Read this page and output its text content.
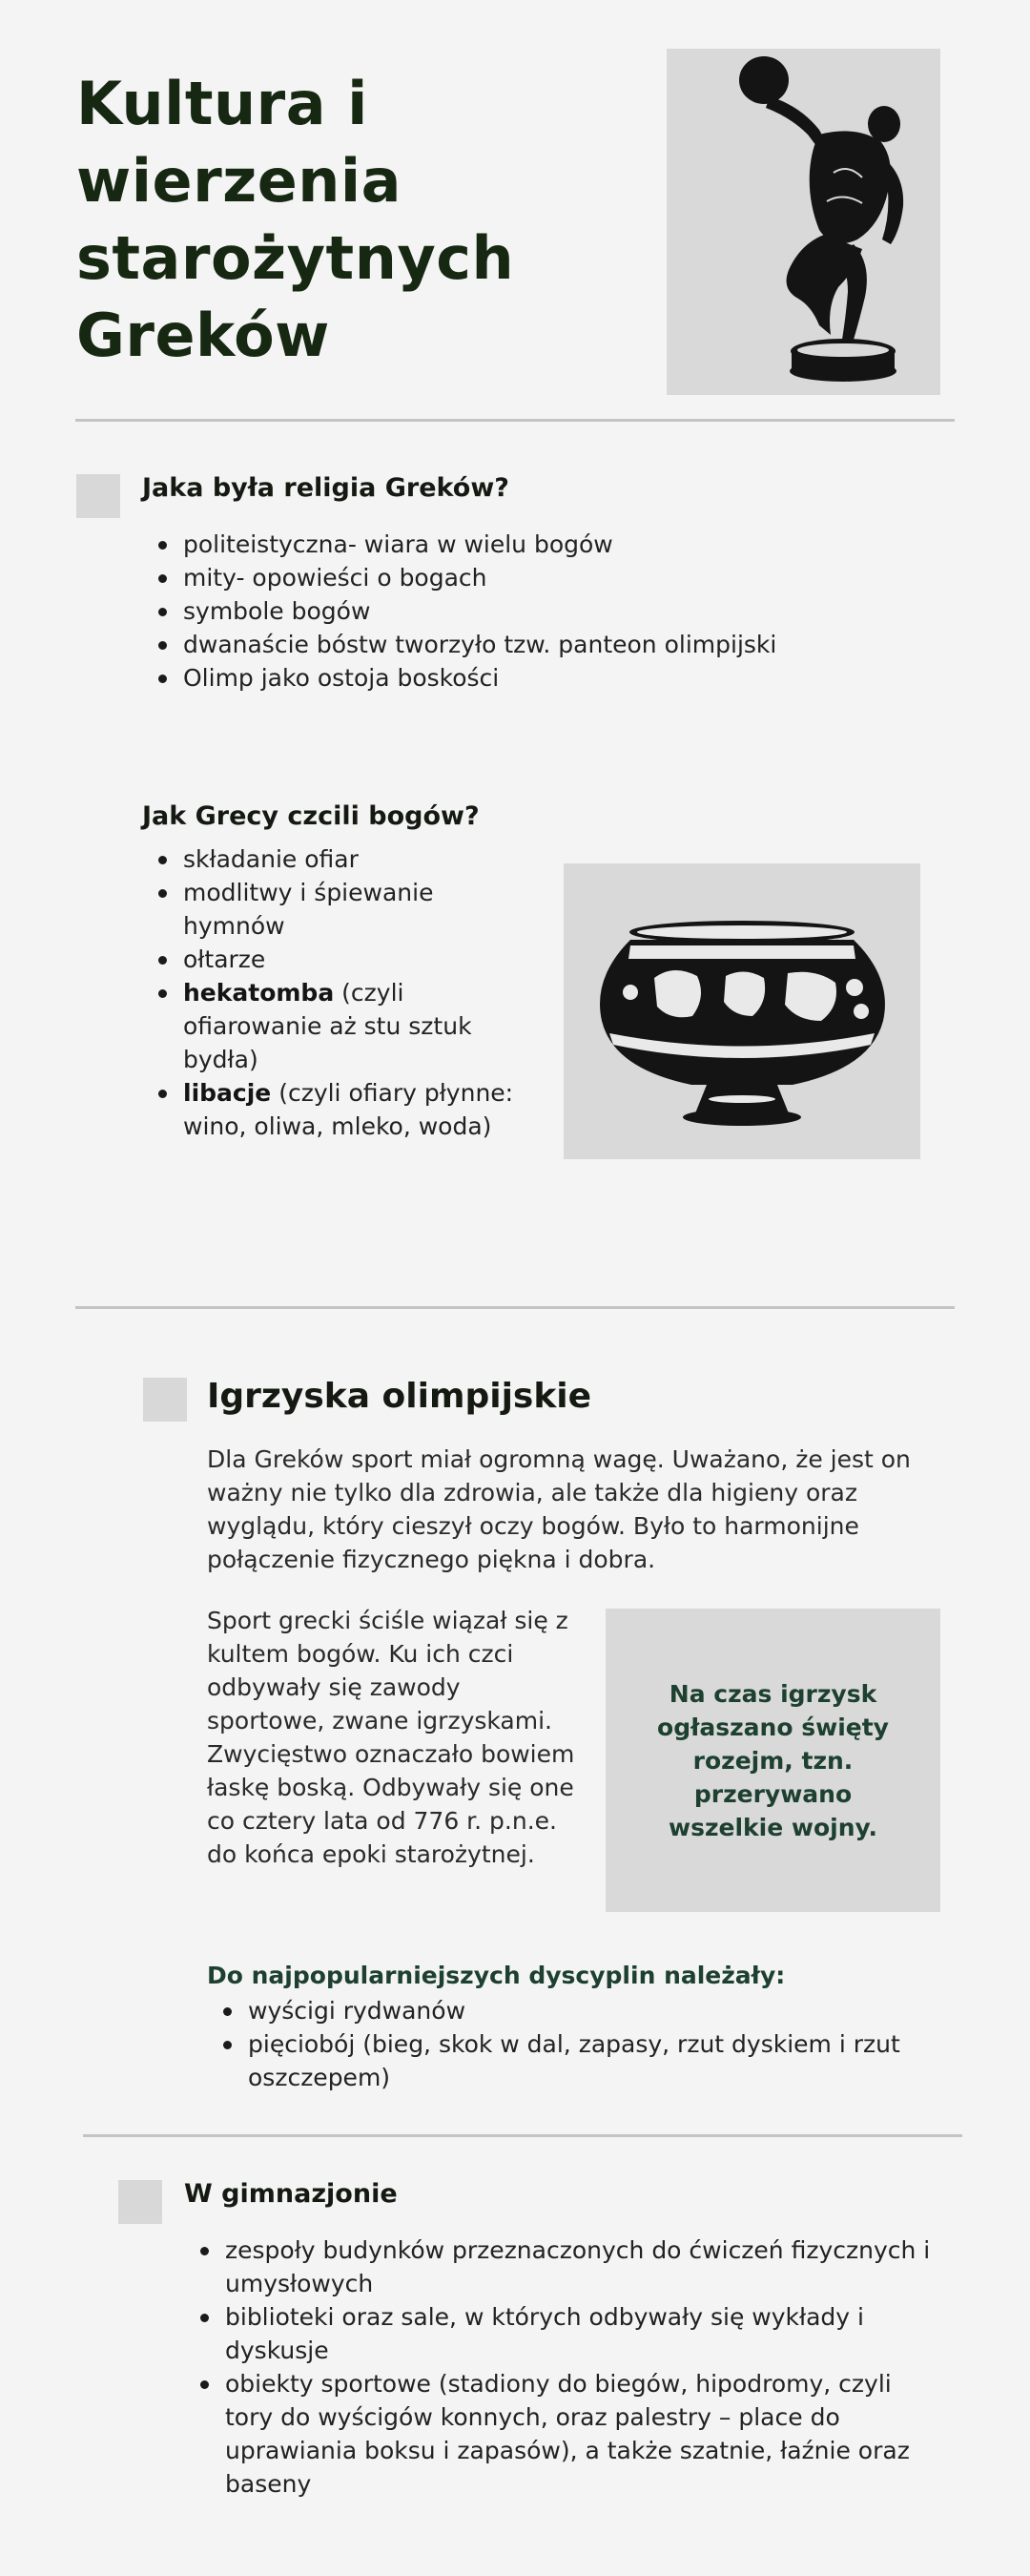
Kultura i wierzenia starożytnych Greków
Jaka była religia Greków?
politeistyczna- wiara w wielu bogów
mity- opowieści o bogach
symbole bogów
dwanaście bóstw tworzyło tzw. panteon olimpijski
Olimp jako ostoja boskości
Jak Grecy czcili bogów?
składanie ofiar
modlitwy i śpiewanie hymnów
ołtarze
hekatomba (czyli ofiarowanie aż stu sztuk bydła)
libacje (czyli ofiary płynne: wino, oliwa, mleko, woda)
Igrzyska olimpijskie

Dla Greków sport miał ogromną wagę. Uważano, że jest on ważny nie tylko dla zdrowia, ale także dla higieny oraz wyglądu, który cieszył oczy bogów. Było to harmonijne połączenie fizycznego piękna i dobra.

Sport grecki ściśle wiązał się z kultem bogów. Ku ich czci odbywały się zawody sportowe, zwane igrzyskami. Zwycięstwo oznaczało bowiem łaskę boską. Odbywały się one co cztery lata od 776 r. p.n.e. do końca epoki starożytnej.

Na czas igrzysk ogłaszano święty rozejm, tzn. przerywano wszelkie wojny.
Do najpopularniejszych dyscyplin należały:
wyścigi rydwanów
pięciobój (bieg, skok w dal, zapasy, rzut dyskiem i rzut oszczepem)
W gimnazjonie
zespoły budynków przeznaczonych do ćwiczeń fizycznych i umysłowych
biblioteki oraz sale, w których odbywały się wykłady i dyskusje
obiekty sportowe (stadiony do biegów, hipodromy, czyli tory do wyścigów konnych, oraz palestry – place do uprawiania boksu i zapasów), a także szatnie, łaźnie oraz baseny
